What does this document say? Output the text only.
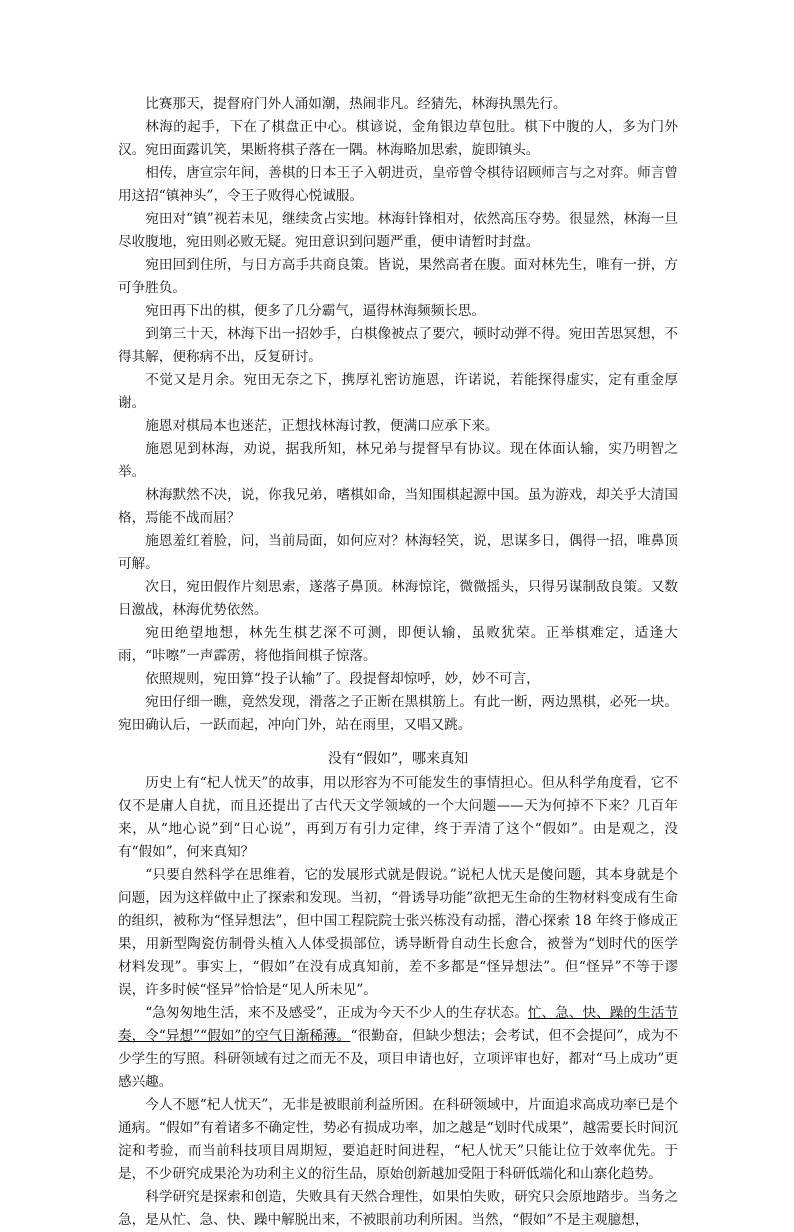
比赛那天，提督府门外人涌如潮，热闹非凡。经猜先，林海执黑先行。

林海的起手，下在了棋盘正中心。棋谚说，金角银边草包肚。棋下中腹的人，多为门外汉。宛田面露讥笑，果断将棋子落在一隅。林海略加思索，旋即镇头。

相传，唐宣宗年间，善棋的日本王子入朝进贡，皇帝曾令棋待诏顾师言与之对弈。师言曾用这招“镇神头”，令王子败得心悦诚服。

宛田对“镇”视若未见，继续贪占实地。林海针锋相对，依然高压夺势。很显然，林海一旦尽收腹地，宛田则必败无疑。宛田意识到问题严重，便申请暂时封盘。

宛田回到住所，与日方高手共商良策。皆说，果然高者在腹。面对林先生，唯有一拼，方可争胜负。

宛田再下出的棋，便多了几分霸气，逼得林海频频长思。

到第三十天，林海下出一招妙手，白棋像被点了要穴，顿时动弹不得。宛田苦思冥想，不得其解，便称病不出，反复研讨。

不觉又是月余。宛田无奈之下，携厚礼密访施恩，许诺说，若能探得虚实，定有重金厚谢。

施恩对棋局本也迷茫，正想找林海讨教，便满口应承下来。

施恩见到林海，劝说，据我所知，林兄弟与提督早有协议。现在体面认输，实乃明智之举。

林海默然不决，说，你我兄弟，嗜棋如命，当知围棋起源中国。虽为游戏，却关乎大清国格，焉能不战而屈？

施恩羞红着脸，问，当前局面，如何应对？林海轻笑，说，思谋多日，偶得一招，唯鼻顶可解。

次日，宛田假作片刻思索，遂落子鼻顶。林海惊诧，微微摇头，只得另谋制敌良策。又数日激战，林海优势依然。

宛田绝望地想，林先生棋艺深不可测，即便认输，虽败犹荣。正举棋难定，适逢大雨，“咔嚓”一声霹雳，将他指间棋子惊落。

依照规则，宛田算“投子认输”了。段提督却惊呼，妙，妙不可言，

宛田仔细一瞧，竟然发现，滑落之子正断在黑棋筋上。有此一断，两边黑棋，必死一块。宛田确认后，一跃而起，冲向门外，站在雨里，又唱又跳。

没有“假如”，哪来真知

历史上有“杞人忧天”的故事，用以形容为不可能发生的事情担心。但从科学角度看，它不仅不是庸人自扰，而且还提出了古代天文学领域的一个大问题——天为何掉不下来？几百年来，从“地心说”到“日心说”，再到万有引力定律，终于弄清了这个“假如”。由是观之，没有“假如”，何来真知？

“只要自然科学在思维着，它的发展形式就是假说。”说杞人忧天是傻问题，其本身就是个问题，因为这样做中止了探索和发现。当初，“骨诱导功能”欲把无生命的生物材料变成有生命的组织，被称为“怪异想法”，但中国工程院院士张兴栋没有动摇，潜心探索 18 年终于修成正果，用新型陶瓷仿制骨头植入人体受损部位，诱导断骨自动生长愈合，被誉为“划时代的医学材料发现”。事实上，“假如”在没有成真知前，差不多都是“怪异想法”。但“怪异”不等于谬误，许多时候“怪异”恰恰是“见人所未见”。

“急匆匆地生活，来不及感受”，正成为今天不少人的生存状态。忙、急、快、躁的生活节奏，令“异想”“假如”的空气日渐稀薄。“很勤奋，但缺少想法；会考试，但不会提问”，成为不少学生的写照。科研领域有过之而无不及，项目申请也好，立项评审也好，都对“马上成功”更感兴趣。

今人不愿“杞人忧天”，无非是被眼前利益所困。在科研领域中，片面追求高成功率已是个通病。“假如”有着诸多不确定性，势必有损成功率，加之越是“划时代成果”，越需要长时间沉淀和考验，而当前科技项目周期短，要追赶时间进程，“杞人忧天”只能让位于效率优先。于是，不少研究成果沦为功利主义的衍生品，原始创新越加受阻于科研低端化和山寨化趋势。

科学研究是探索和创造，失败具有天然合理性，如果怕失败，研究只会原地踏步。当务之急，是从忙、急、快、躁中解脱出来，不被眼前功利所困。当然，“假如”不是主观臆想，
